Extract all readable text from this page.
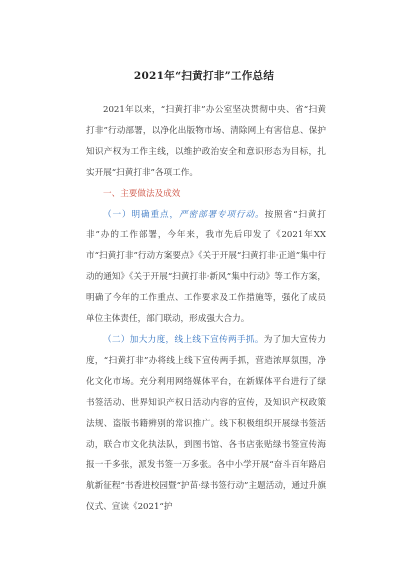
2021年“扫黄打非”工作总结

2021年以来，“扫黄打非”办公室坚决贯彻中央、省“扫黄打非”行动部署，以净化出版物市场、清除网上有害信息、保护知识产权为工作主线，以维护政治安全和意识形态为目标，扎实开展“扫黄打非”各项工作。

一、主要做法及成效

（一）明确重点，严密部署专项行动。按照省“扫黄打非”办的工作部署，今年来，我市先后印发了《2021年XX市“扫黄打非”行动方案要点》《关于开展“扫黄打非·正道”集中行动的通知》《关于开展“扫黄打非·新风”集中行动》等工作方案，明确了今年的工作重点、工作要求及工作措施等，强化了成员单位主体责任，部门联动，形成强大合力。

（二）加大力度，线上线下宣传两手抓。为了加大宣传力度，“扫黄打非”办将线上线下宣传两手抓，营造浓厚氛围，净化文化市场。充分利用网络媒体平台，在新媒体平台进行了绿书签活动、世界知识产权日活动内容的宣传，及知识产权政策法规、盗版书籍辨别的常识推广。线下积极组织开展绿书签活动，联合市文化执法队，到图书馆、各书店张贴绿书签宣传海报一千多张，派发书签一万多张。各中小学开展“奋斗百年路启航新征程”书香进校园暨“护苗·绿书签行动”主题活动，通过升旗仪式、宣读《2021“护
